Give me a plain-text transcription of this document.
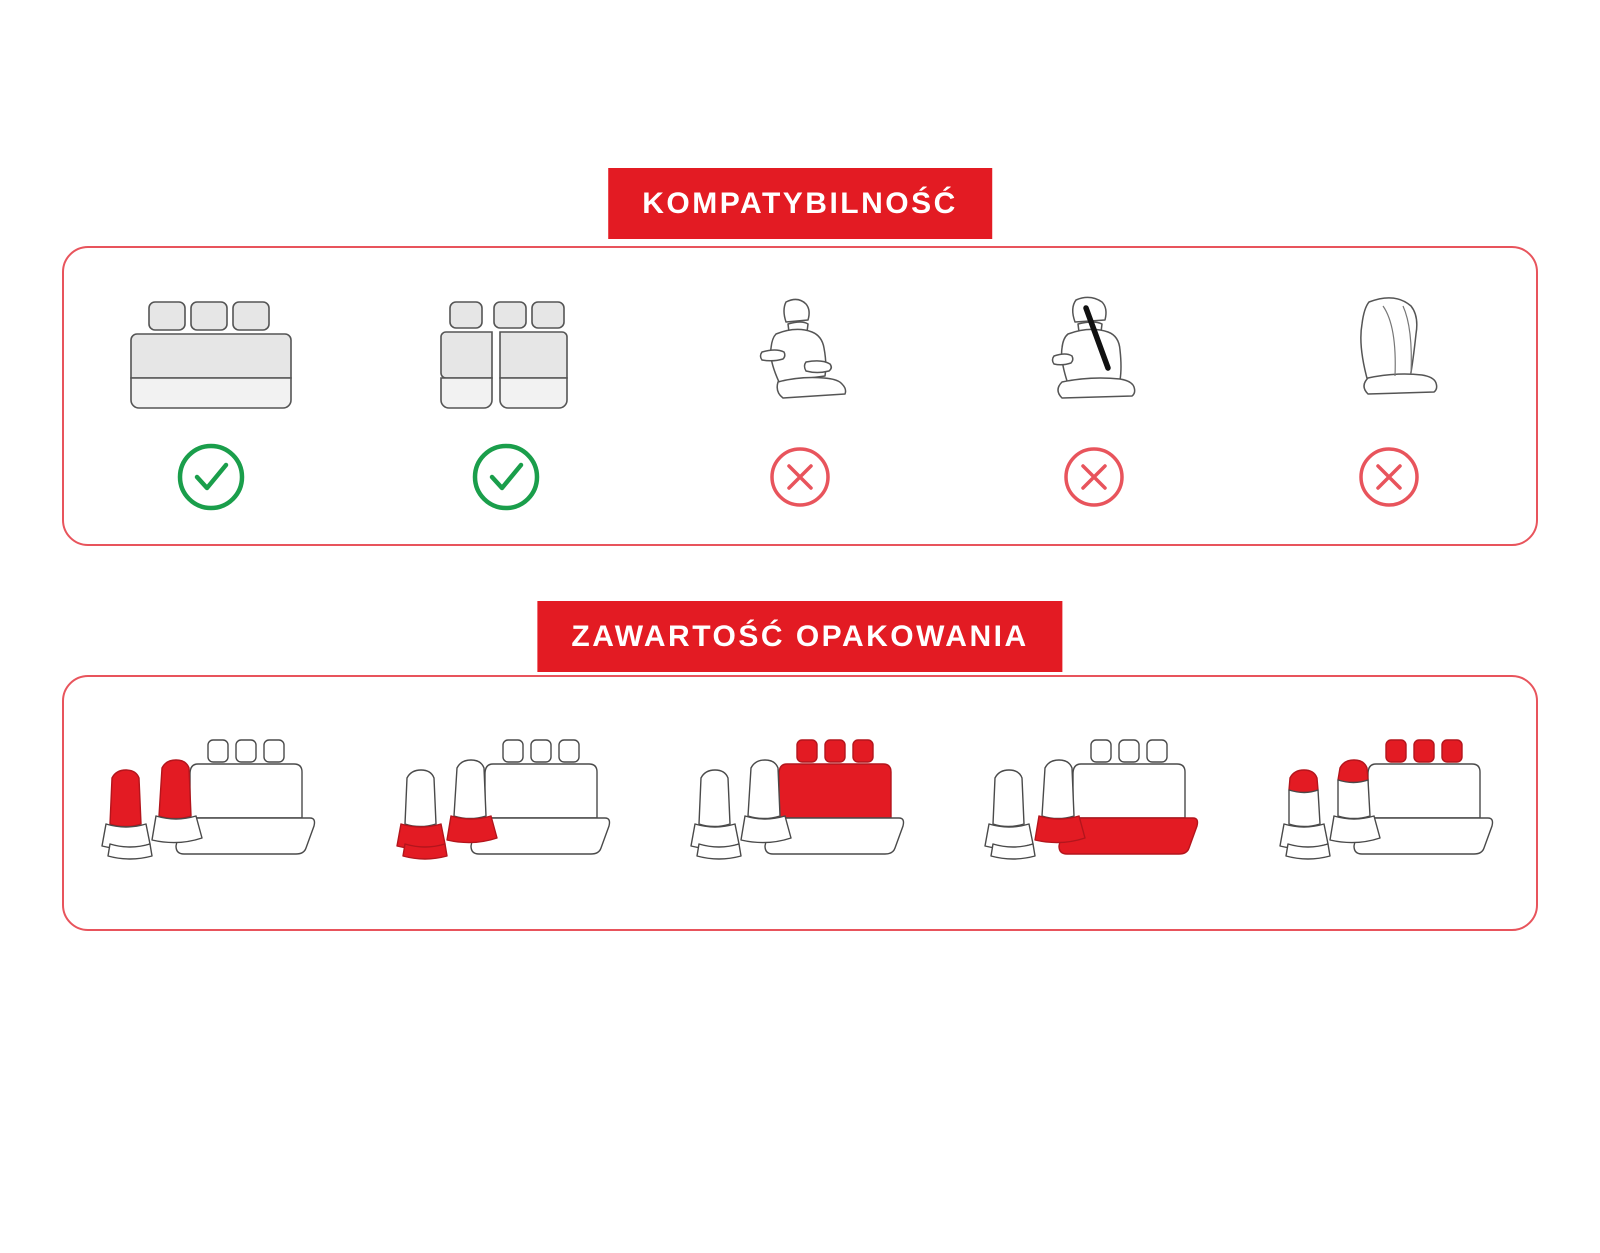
KOMPATYBILNOŚĆ
ZAWARTOŚĆ OPAKOWANIA
